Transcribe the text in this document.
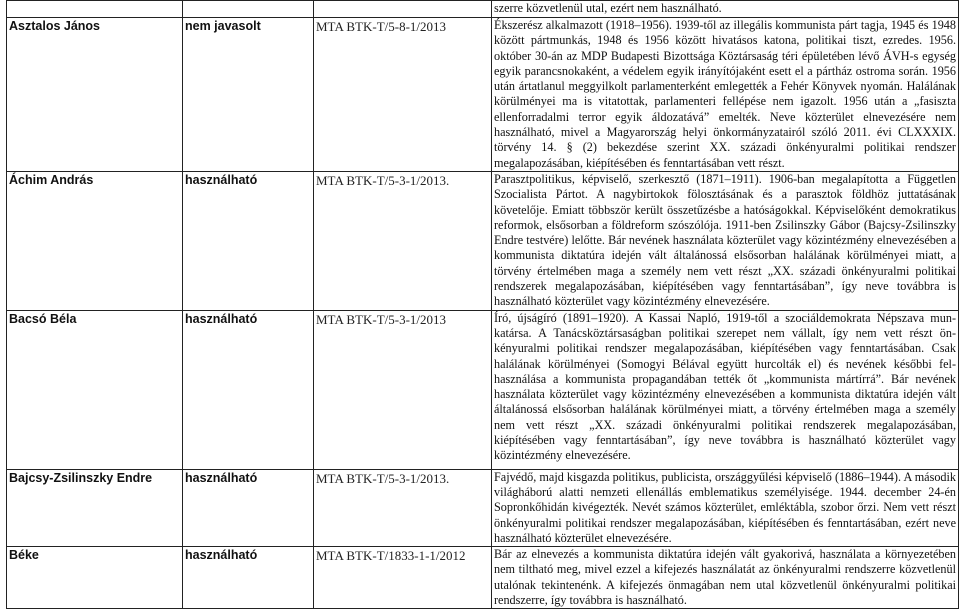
			szerre közvetlenül utal, ezért nem használható.
Asztalos János	nem javasolt	MTA BTK-T/5-8-1/2013	Ékszerész alkalmazott (1918–1956). 1939-től az illegális kommunista párt tagja, 1945 és 1948 között pártmunkás, 1948 és 1956 között hivatásos katona, politikai tiszt, ezredes. 1956. október 30-án az MDP Budapesti Bizottsága Köztársaság téri épületében lévő ÁVH-s egység egyik parancsnokaként, a védelem egyik irányítójaként esett el a pártház ostroma során. 1956 után ártatlanul meggyilkolt parlamenterként emlegették a Fehér Könyvek nyomán. Halálának körülményei ma is vitatottak, parlamenteri fellépése nem igazolt. 1956 után a „fasiszta ellenforradalmi terror egyik áldozatává” emelték. Neve közterület elnevezésére nem használható, mivel a Magyarország helyi önkormányzatairól szóló 2011. évi CLXXXIX. törvény 14. § (2) bekezdése szerint XX. századi önkényuralmi politikai rendszer megalapozásában, kiépítésében és fenntartásában vett részt.
Áchim András	használható	MTA BTK-T/5-3-1/2013.	Parasztpolitikus, képviselő, szerkesztő (1871–1911). 1906-ban megalapította a Független Szocialista Pártot. A nagybirtokok fölosztásának és a parasztok földhöz juttatásának követelője. Emiatt többször került összetűzésbe a hatóságokkal. Képviselőként demokratikus reformok, elsősorban a földreform szószólója. 1911-ben Zsilinszky Gábor (Bajcsy-Zsilinszky Endre testvére) lelőtte. Bár nevének használata közterület vagy közintézmény elnevezésében a kommunista diktatúra idején vált általánossá elsősorban halálának körülményei miatt, a törvény értelmében maga a személy nem vett részt „XX. századi önkényuralmi politikai rendszerek megalapozásában, kiépítésében vagy fenntartásában”, így neve továbbra is használható közterület vagy közintézmény elnevezésére.
Bacsó Béla	használható	MTA BTK-T/5-3-1/2013	Író, újságíró (1891–1920). A Kassai Napló, 1919-től a szociáldemokrata Népszava munkatársa. A Tanácsköztársaságban politikai szerepet nem vállalt, így nem vett részt önkényuralmi politikai rendszer megalapozásában, kiépítésében vagy fenntartásában. Csak halálának körülményei (Somogyi Bélával együtt hurcolták el) és nevének későbbi felhasználása a kommunista propagandában tették őt „kommunista mártírrá”. Bár nevének használata közterület vagy közintézmény elnevezésében a kommunista diktatúra idején vált általánossá elsősorban halálának körülményei miatt, a törvény értelmében maga a személy nem vett részt „XX. századi önkényuralmi politikai rendszerek megalapozásában, kiépítésében vagy fenntartásában”, így neve továbbra is használható közterület vagy közintézmény elnevezésére.
Bajcsy-Zsilinszky Endre	használható	MTA BTK-T/5-3-1/2013.	Fajvédő, majd kisgazda politikus, publicista, országgyűlési képviselő (1886–1944). A második világháború alatti nemzeti ellenállás emblematikus személyisége. 1944. december 24-én Sopronkőhidán kivégezték. Nevét számos közterület, emléktábla, szobor őrzi. Nem vett részt önkényuralmi politikai rendszer megalapozásában, kiépítésében és fenntartásában, ezért neve használható közterület elnevezésére.
Béke	használható	MTA BTK-T/1833-1-1/2012	Bár az elnevezés a kommunista diktatúra idején vált gyakorivá, használata a környezetében nem tiltható meg, mivel ezzel a kifejezés használatát az önkényuralmi rendszerre közvetlenül utalónak tekintenénk. A kifejezés önmagában nem utal közvetlenül önkényuralmi politikai rendszerre, így továbbra is használható.
